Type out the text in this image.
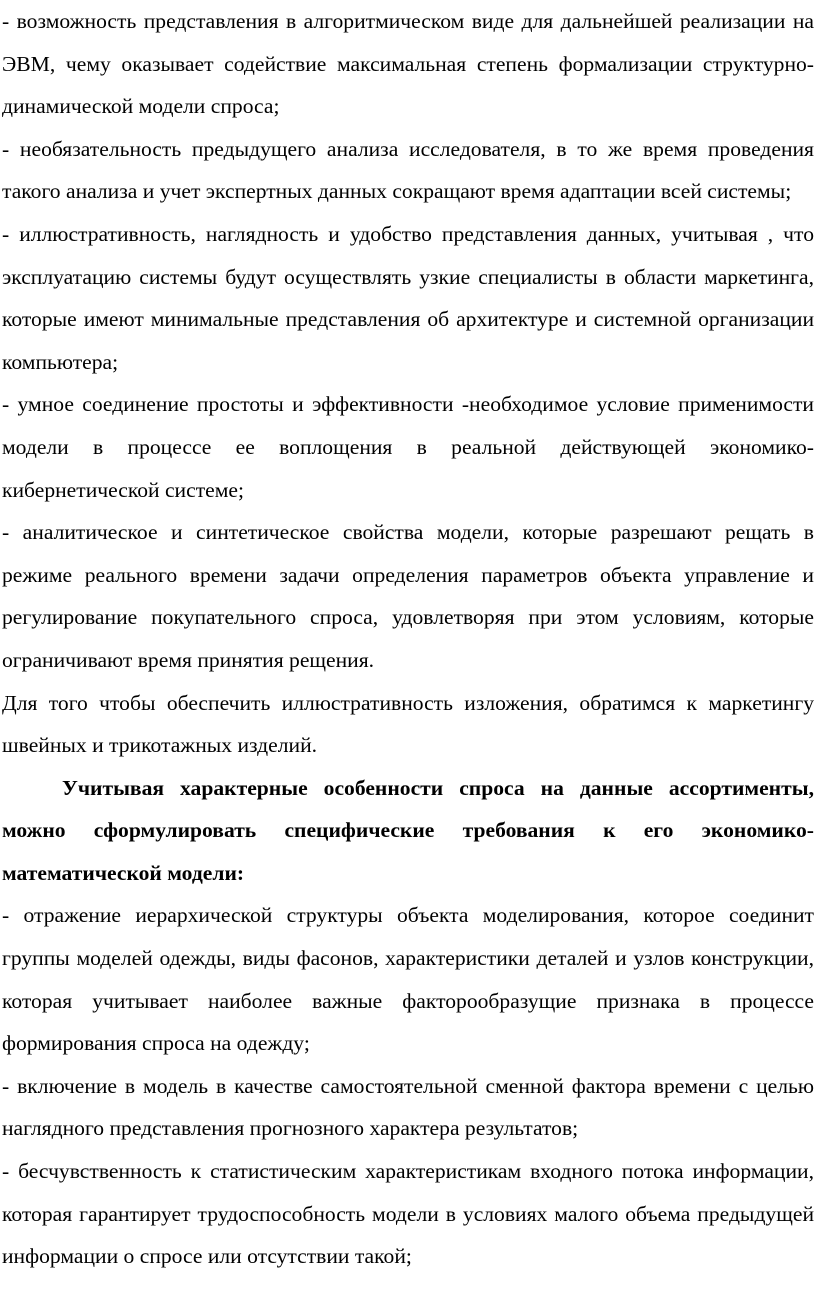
- возможность представления в алгоритмическом виде для дальнейшей реализации на ЭВМ, чему оказывает содействие максимальная степень формализации структурно-динамической модели спроса;

- необязательность предыдущего анализа исследователя, в то же время проведения такого анализа и учет экспертных данных сокращают время адаптации всей системы;

- иллюстративность, наглядность и удобство представления данных, учитывая , что эксплуатацию системы будут осуществлять узкие специалисты в области маркетинга, которые имеют минимальные представления об архитектуре и системной организации компьютера;

- умное соединение простоты и эффективности -необходимое условие применимости модели в процессе ее воплощения в реальной действующей экономико-кибернетической системе;

- аналитическое и синтетическое свойства модели, которые разрешают рещать в режиме реального времени задачи определения параметров объекта управление и регулирование покупательного спроса, удовлетворяя при этом условиям, которые ограничивают время принятия рещения.

Для того чтобы обеспечить иллюстративность изложения, обратимся к маркетингу швейных и трикотажных изделий.

Учитывая характерные особенности спроса на данные ассортименты, можно сформулировать специфические требования к его экономико-математической модели:

- отражение иерархической структуры объекта моделирования, которое соединит группы моделей одежды, виды фасонов, характеристики деталей и узлов конструкции, которая учитывает наиболее важные факторообразущие признака в процессе формирования спроса на одежду;

- включение в модель в качестве самостоятельной сменной фактора времени с целью наглядного представления прогнозного характера результатов;

- бесчувственность к статистическим характеристикам входного потока информации, которая гарантирует трудоспособность модели в условиях малого объема предыдущей информации о спросе или отсутствии такой;
